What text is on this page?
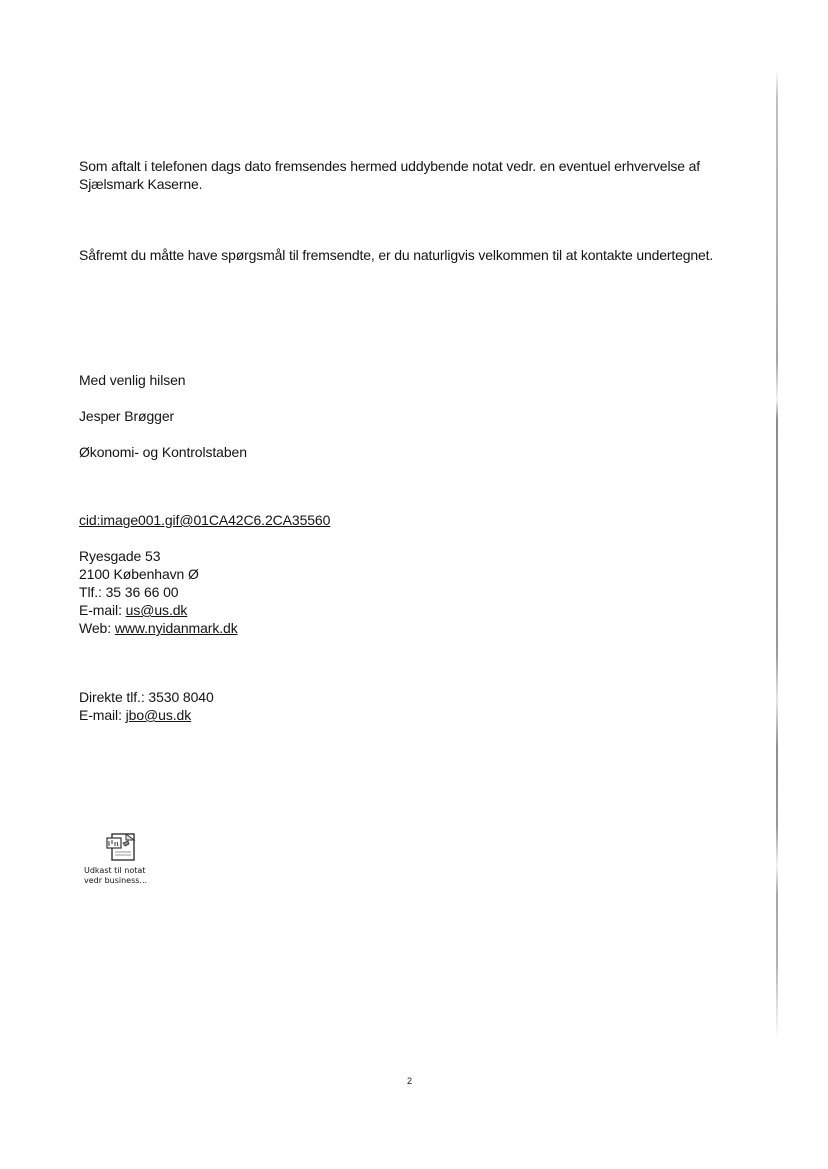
Som aftalt i telefonen dags dato fremsendes hermed uddybende notat vedr. en eventuel erhvervelse af Sjælsmark Kaserne.
Såfremt du måtte have spørgsmål til fremsendte, er du naturligvis velkommen til at kontakte undertegnet.
Med venlig hilsen
Jesper Brøgger
Økonomi- og Kontrolstaben
cid:image001.gif@01CA42C6.2CA35560
Ryesgade 53
2100 København Ø
Tlf.: 35 36 66 00
E-mail: us@us.dk
Web: www.nyidanmark.dk
Direkte tlf.: 3530 8040
E-mail: jbo@us.dk
Udkast til notat
vedr business...
2
